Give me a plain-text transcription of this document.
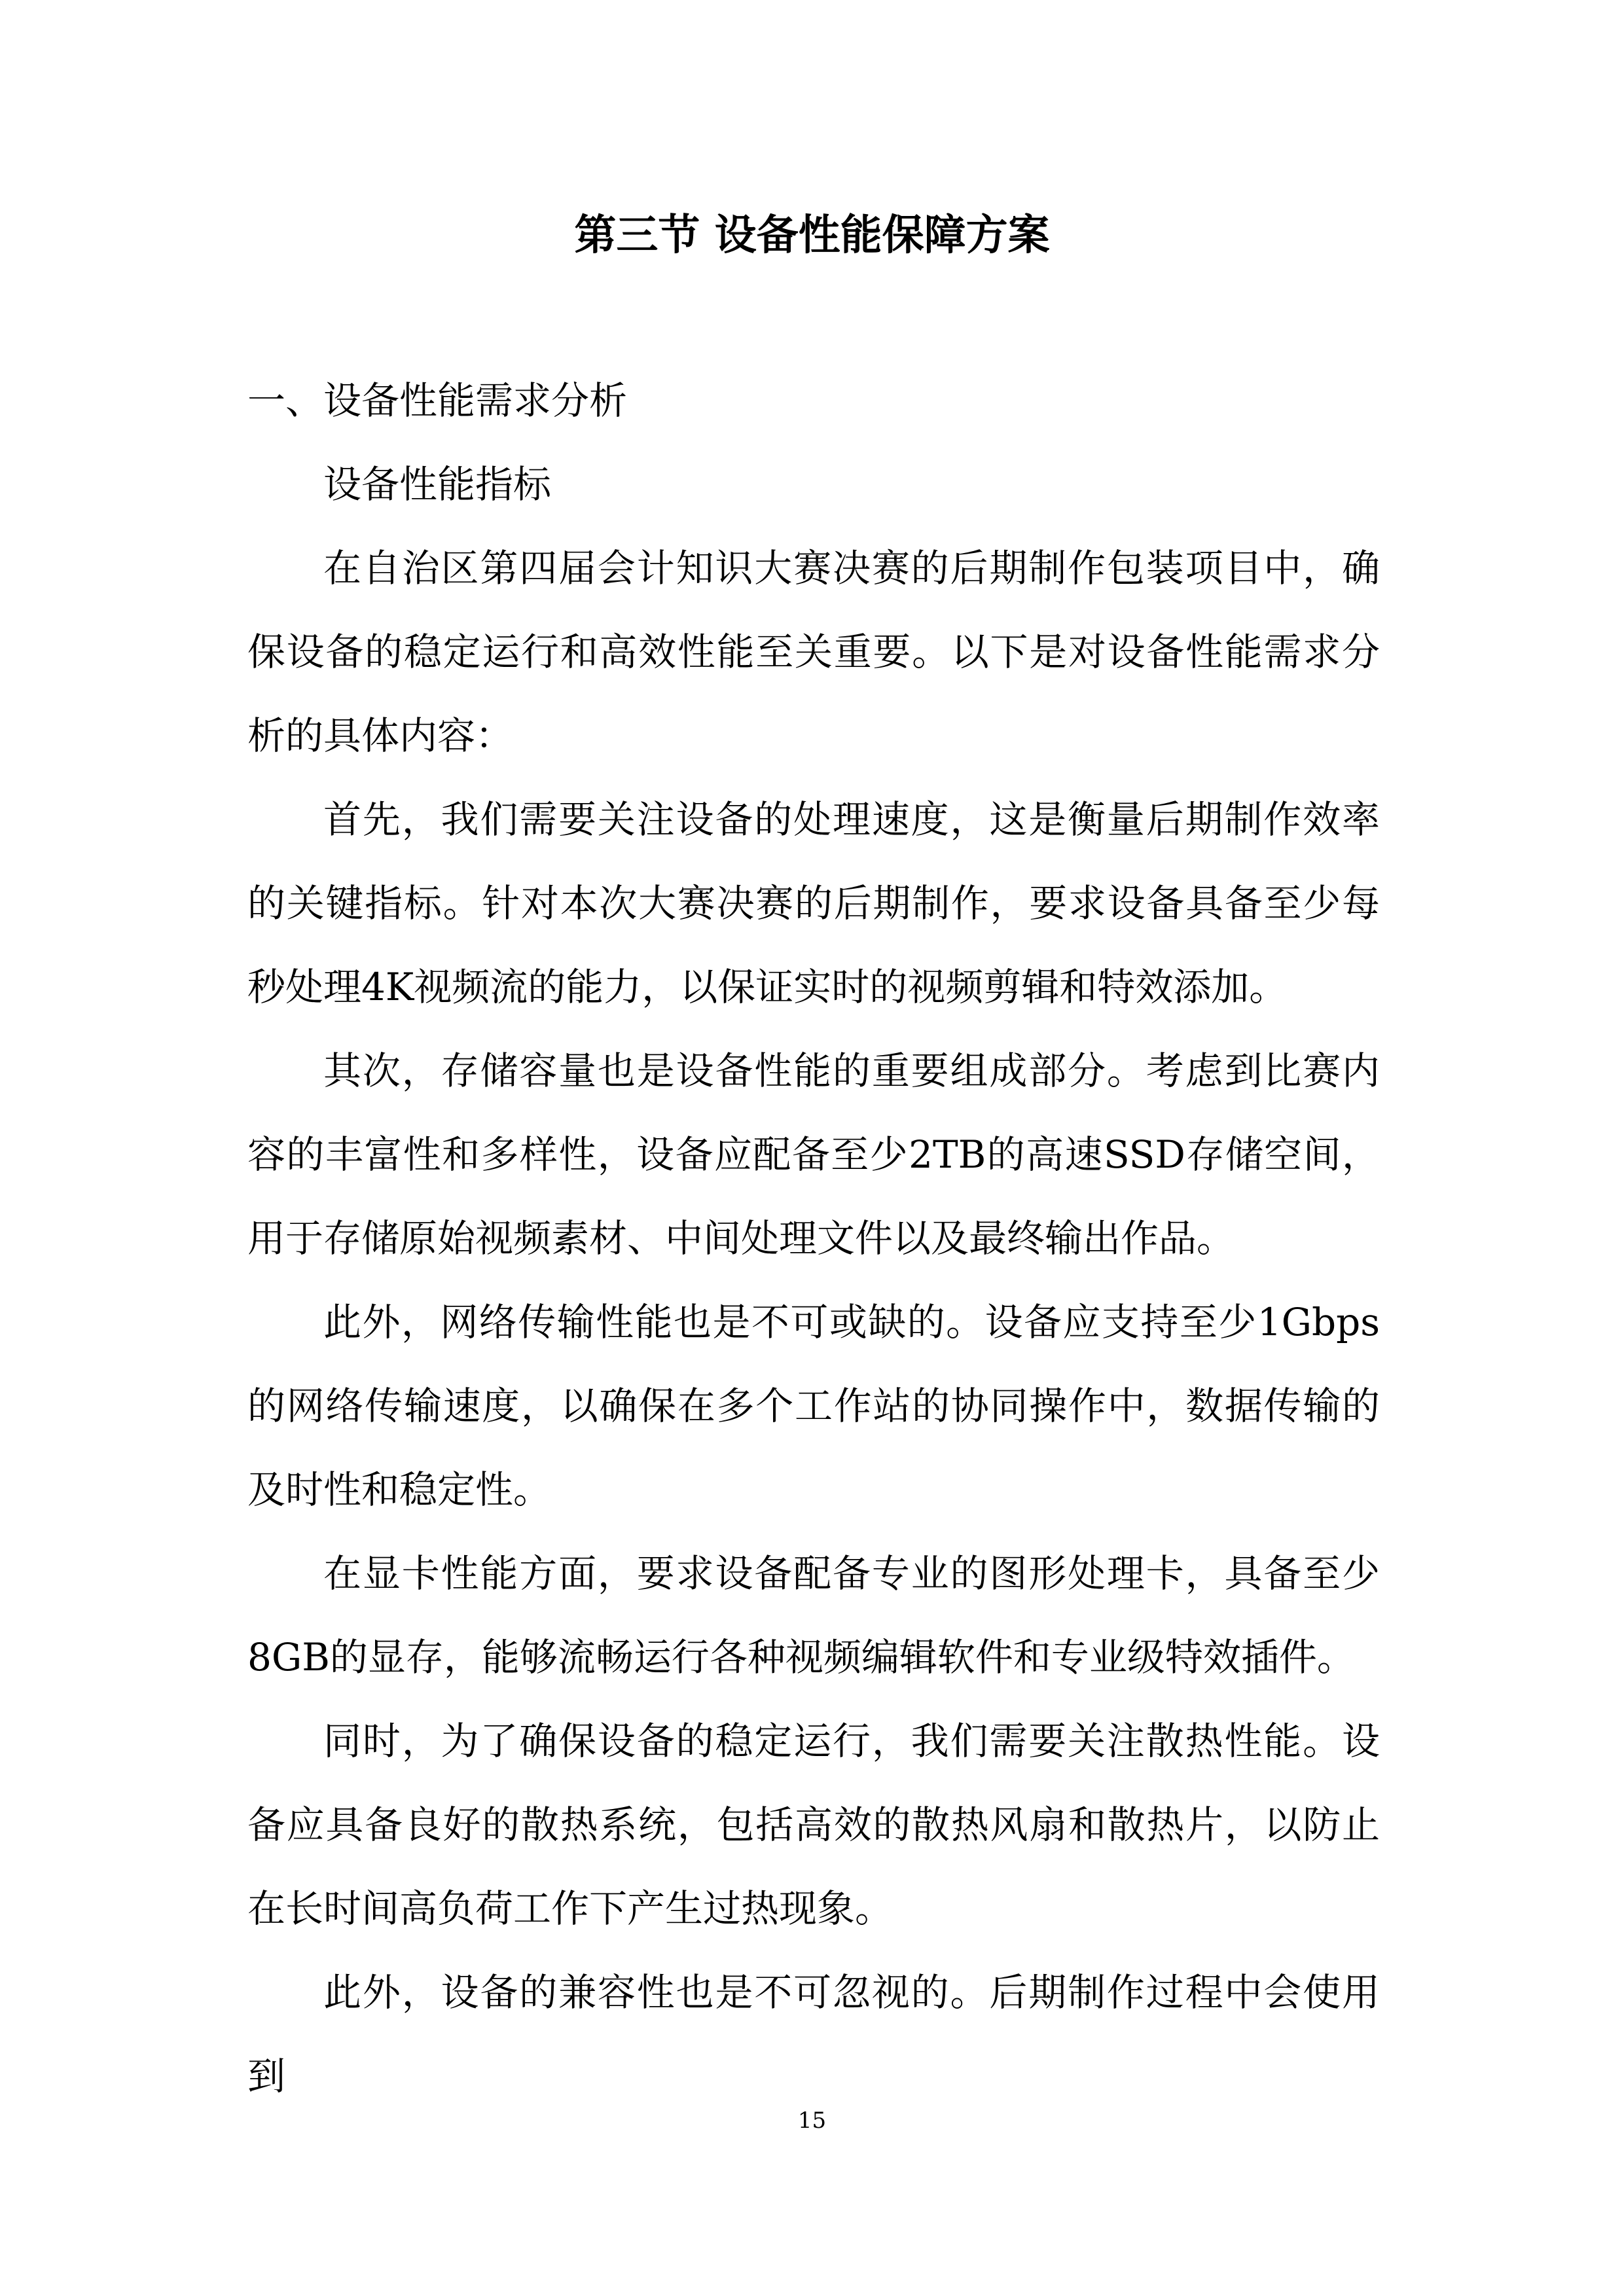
第三节 设备性能保障方案
一、设备性能需求分析
设备性能指标

在自治区第四届会计知识大赛决赛的后期制作包装项目中，确保设备的稳定运行和高效性能至关重要。以下是对设备性能需求分析的具体内容：

首先，我们需要关注设备的处理速度，这是衡量后期制作效率的关键指标。针对本次大赛决赛的后期制作，要求设备具备至少每秒处理4K视频流的能力，以保证实时的视频剪辑和特效添加。

其次，存储容量也是设备性能的重要组成部分。考虑到比赛内容的丰富性和多样性，设备应配备至少2TB的高速SSD存储空间，用于存储原始视频素材、中间处理文件以及最终输出作品。

此外，网络传输性能也是不可或缺的。设备应支持至少1Gbps的网络传输速度，以确保在多个工作站的协同操作中，数据传输的及时性和稳定性。

在显卡性能方面，要求设备配备专业的图形处理卡，具备至少8GB的显存，能够流畅运行各种视频编辑软件和专业级特效插件。

同时，为了确保设备的稳定运行，我们需要关注散热性能。设备应具备良好的散热系统，包括高效的散热风扇和散热片，以防止在长时间高负荷工作下产生过热现象。

此外，设备的兼容性也是不可忽视的。后期制作过程中会使用到

15
